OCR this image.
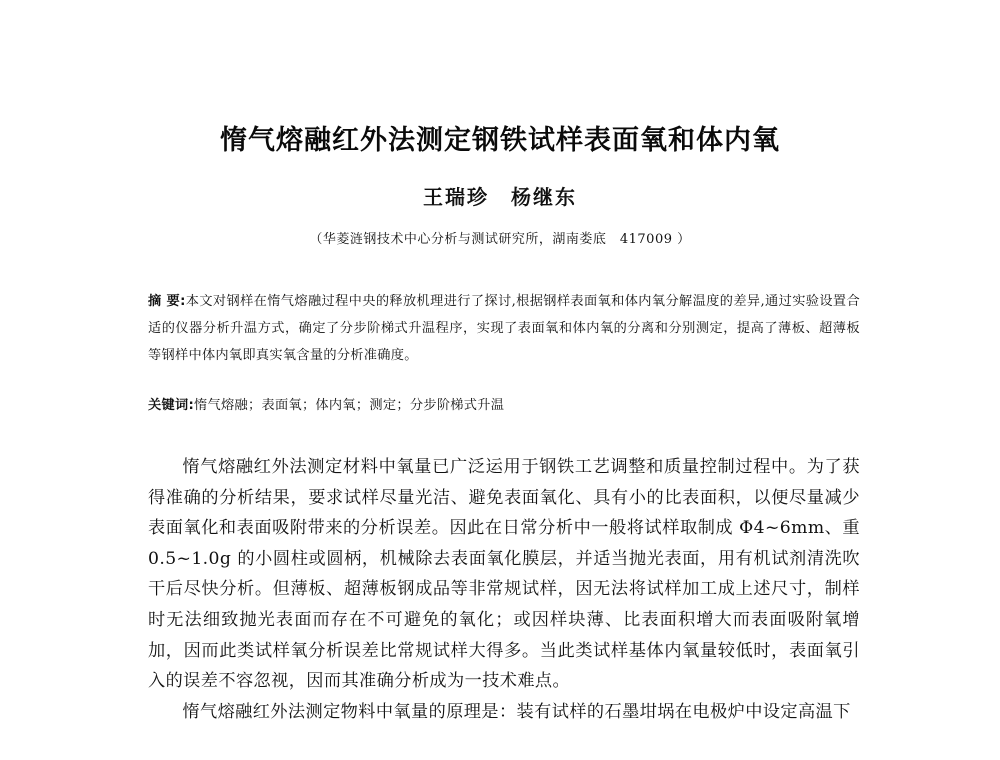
惰气熔融红外法测定钢铁试样表面氧和体内氧
王瑞珍　杨继东
（华菱涟钢技术中心分析与测试研究所，湖南娄底　417009 ）
摘 要:本文对钢样在惰气熔融过程中央的释放机理进行了探讨,根据钢样表面氧和体内氧分解温度的差异,通过实验设置合适的仪器分析升温方式，确定了分步阶梯式升温程序，实现了表面氧和体内氧的分离和分别测定，提高了薄板、超薄板等钢样中体内氧即真实氧含量的分析准确度。
关键词:惰气熔融；表面氧；体内氧；测定；分步阶梯式升温

惰气熔融红外法测定材料中氧量已广泛运用于钢铁工艺调整和质量控制过程中。为了获得准确的分析结果，要求试样尽量光洁、避免表面氧化、具有小的比表面积，以便尽量减少表面氧化和表面吸附带来的分析误差。因此在日常分析中一般将试样取制成 Φ4~6mm、重0.5~1.0g 的小圆柱或圆柄，机械除去表面氧化膜层，并适当抛光表面，用有机试剂清洗吹干后尽快分析。但薄板、超薄板钢成品等非常规试样，因无法将试样加工成上述尺寸，制样时无法细致抛光表面而存在不可避免的氧化；或因样块薄、比表面积增大而表面吸附氧增加，因而此类试样氧分析误差比常规试样大得多。当此类试样基体内氧量较低时，表面氧引入的误差不容忽视，因而其准确分析成为一技术难点。

惰气熔融红外法测定物料中氧量的原理是：装有试样的石墨坩埚在电极炉中设定高温下
